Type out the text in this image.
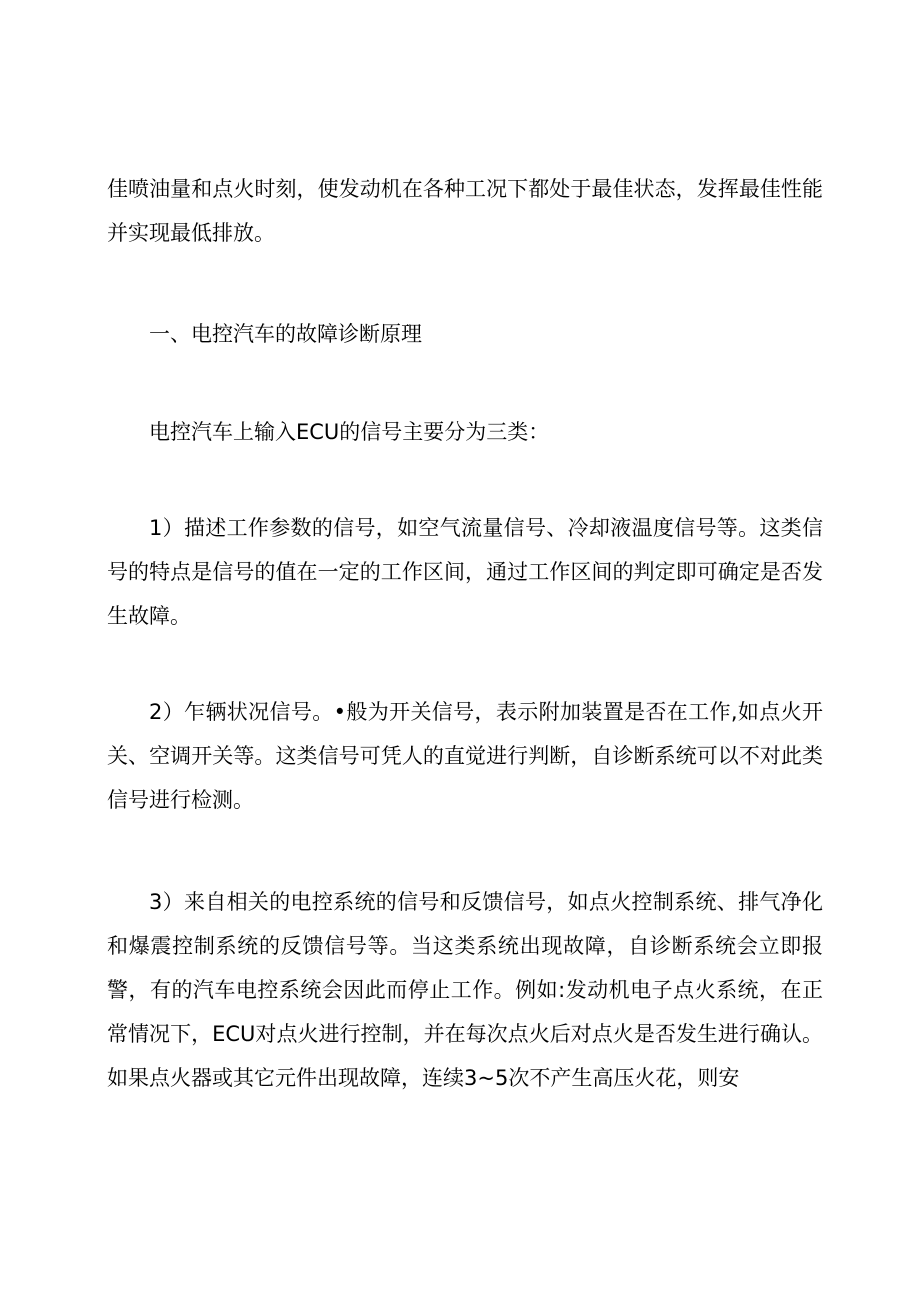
佳喷油量和点火时刻，使发动机在各种工况下都处于最佳状态，发挥最佳性能并实现最低排放。

一、电控汽车的故障诊断原理

电控汽车上输入ECU的信号主要分为三类：

1）描述工作参数的信号，如空气流量信号、冷却液温度信号等。这类信号的特点是信号的值在一定的工作区间，通过工作区间的判定即可确定是否发生故障。

2）乍辆状况信号。•般为开关信号，表示附加装置是否在工作,如点火开关、空调开关等。这类信号可凭人的直觉进行判断，自诊断系统可以不对此类信号进行检测。

3）来自相关的电控系统的信号和反馈信号，如点火控制系统、排气净化和爆震控制系统的反馈信号等。当这类系统出现故障，自诊断系统会立即报警，有的汽车电控系统会因此而停止工作。例如:发动机电子点火系统，在正常情况下，ECU对点火进行控制，并在每次点火后对点火是否发生进行确认。如果点火器或其它元件出现故障，连续3~5次不产生高压火花，则安
